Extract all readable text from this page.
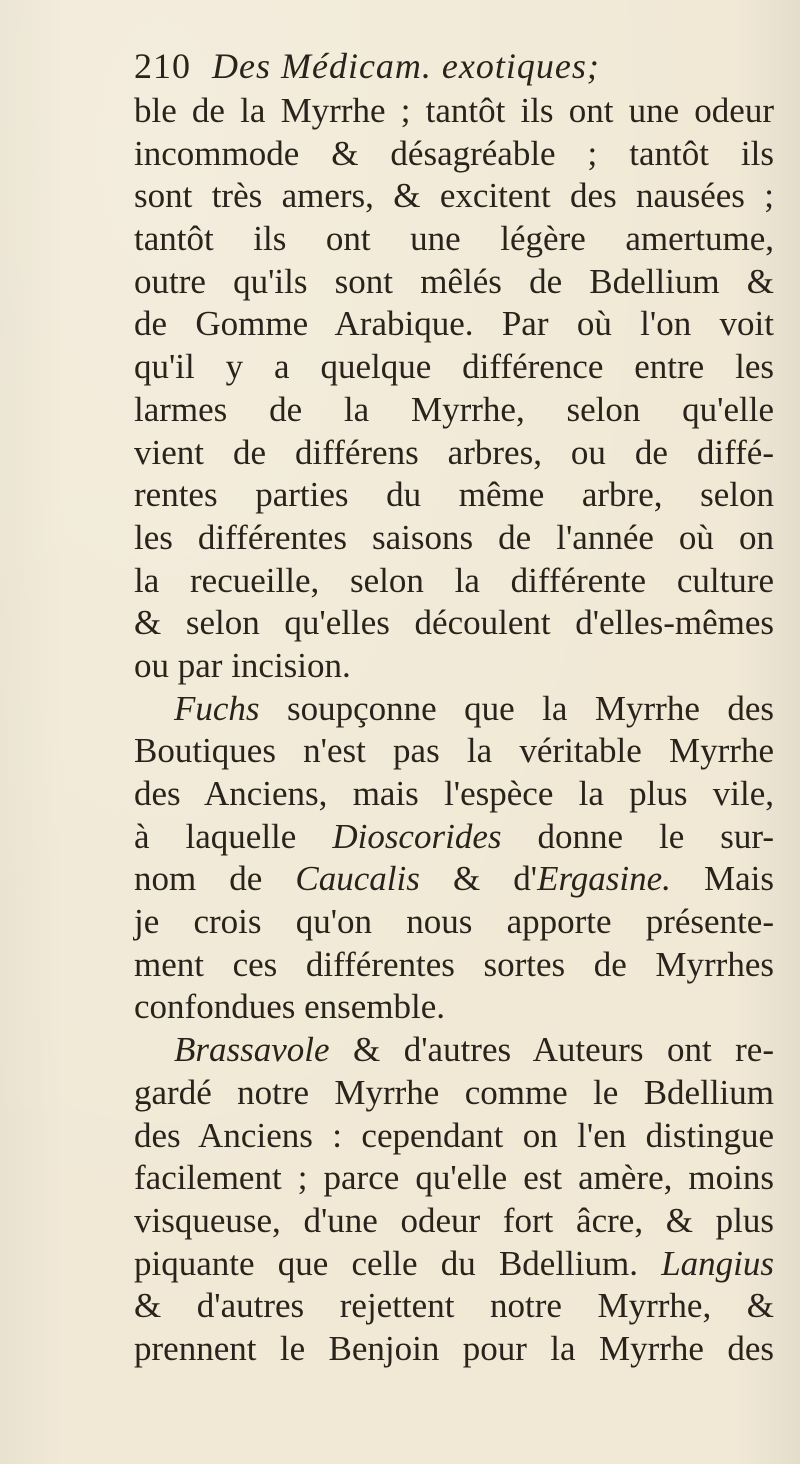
210 Des Médicam. exotiques;
ble de la Myrrhe ; tantôt ils ont une odeur
incommode & désagréable ; tantôt ils
sont très amers, & excitent des nausées ;
tantôt ils ont une légère amertume,
outre qu'ils sont mêlés de Bdellium &
de Gomme Arabique. Par où l'on voit
qu'il y a quelque différence entre les
larmes de la Myrrhe, selon qu'elle
vient de différens arbres, ou de diffé-
rentes parties du même arbre, selon
les différentes saisons de l'année où on
la recueille, selon la différente culture
& selon qu'elles découlent d'elles-mêmes
ou par incision.
Fuchs soupçonne que la Myrrhe des
Boutiques n'est pas la véritable Myrrhe
des Anciens, mais l'espèce la plus vile,
à laquelle Dioscorides donne le sur-
nom de Caucalis & d'Ergasine. Mais
je crois qu'on nous apporte présente-
ment ces différentes sortes de Myrrhes
confondues ensemble.
Brassavole & d'autres Auteurs ont re-
gardé notre Myrrhe comme le Bdellium
des Anciens : cependant on l'en distingue
facilement ; parce qu'elle est amère, moins
visqueuse, d'une odeur fort âcre, & plus
piquante que celle du Bdellium. Langius
& d'autres rejettent notre Myrrhe, &
prennent le Benjoin pour la Myrrhe des
